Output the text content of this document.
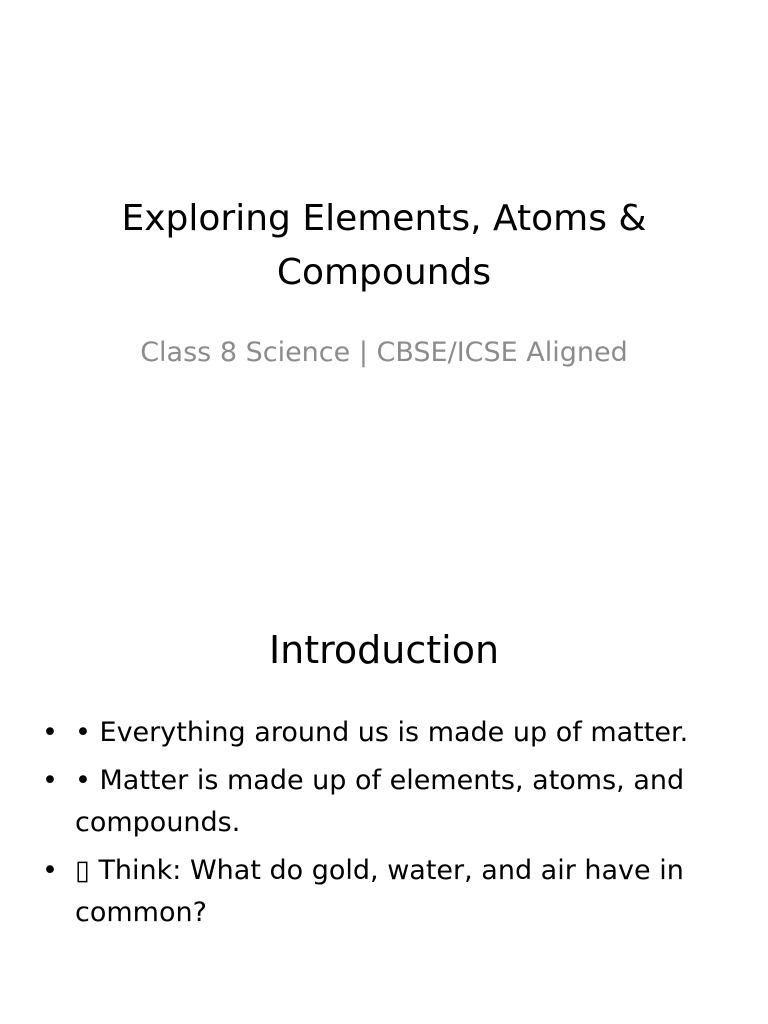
Exploring Elements, Atoms & Compounds

Class 8 Science | CBSE/ICSE Aligned

Introduction
• • Everything around us is made up of matter.
• • Matter is made up of elements, atoms, and compounds.
• ▯ Think: What do gold, water, and air have in common?
